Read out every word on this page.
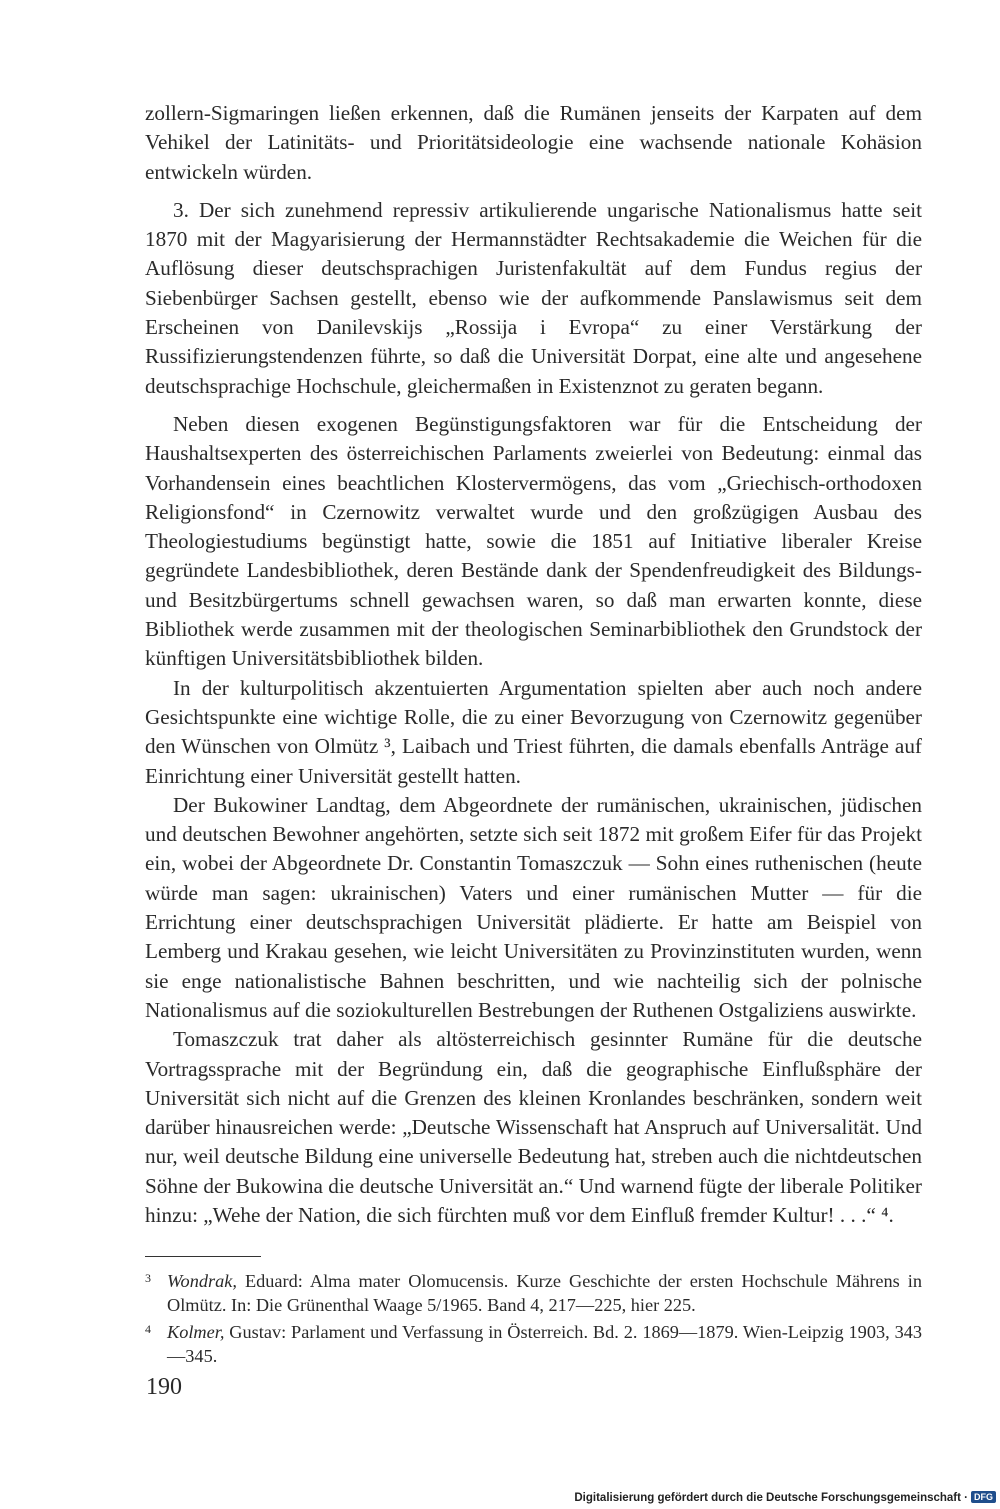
zollern-Sigmaringen ließen erkennen, daß die Rumänen jenseits der Karpaten auf dem Vehikel der Latinitäts- und Prioritätsideologie eine wachsende nationale Kohäsion entwickeln würden.

3. Der sich zunehmend repressiv artikulierende ungarische Nationalismus hatte seit 1870 mit der Magyarisierung der Hermannstädter Rechtsakademie die Weichen für die Auflösung dieser deutschsprachigen Juristenfakultät auf dem Fundus regius der Siebenbürger Sachsen gestellt, ebenso wie der aufkommende Panslawismus seit dem Erscheinen von Danilevskijs „Rossija i Evropa“ zu einer Verstärkung der Russifizierungstendenzen führte, so daß die Universität Dorpat, eine alte und angesehene deutschsprachige Hochschule, gleichermaßen in Existenznot zu geraten begann.

Neben diesen exogenen Begünstigungsfaktoren war für die Entscheidung der Haushaltsexperten des österreichischen Parlaments zweierlei von Bedeutung: einmal das Vorhandensein eines beachtlichen Klostervermögens, das vom „Griechisch-orthodoxen Religionsfond“ in Czernowitz verwaltet wurde und den großzügigen Ausbau des Theologiestudiums begünstigt hatte, sowie die 1851 auf Initiative liberaler Kreise gegründete Landesbibliothek, deren Bestände dank der Spendenfreudigkeit des Bildungs- und Besitzbürgertums schnell gewachsen waren, so daß man erwarten konnte, diese Bibliothek werde zusammen mit der theologischen Seminarbibliothek den Grundstock der künftigen Universitätsbibliothek bilden.

In der kulturpolitisch akzentuierten Argumentation spielten aber auch noch andere Gesichtspunkte eine wichtige Rolle, die zu einer Bevorzugung von Czernowitz gegenüber den Wünschen von Olmütz ³, Laibach und Triest führten, die damals ebenfalls Anträge auf Einrichtung einer Universität gestellt hatten.

Der Bukowiner Landtag, dem Abgeordnete der rumänischen, ukrainischen, jüdischen und deutschen Bewohner angehörten, setzte sich seit 1872 mit großem Eifer für das Projekt ein, wobei der Abgeordnete Dr. Constantin Tomaszczuk — Sohn eines ruthenischen (heute würde man sagen: ukrainischen) Vaters und einer rumänischen Mutter — für die Errichtung einer deutschsprachigen Universität plädierte. Er hatte am Beispiel von Lemberg und Krakau gesehen, wie leicht Universitäten zu Provinzinstituten wurden, wenn sie enge nationalistische Bahnen beschritten, und wie nachteilig sich der polnische Nationalismus auf die soziokulturellen Bestrebungen der Ruthenen Ostgaliziens auswirkte.

Tomaszczuk trat daher als altösterreichisch gesinnter Rumäne für die deutsche Vortragssprache mit der Begründung ein, daß die geographische Einflußsphäre der Universität sich nicht auf die Grenzen des kleinen Kronlandes beschränken, sondern weit darüber hinausreichen werde: „Deutsche Wissenschaft hat Anspruch auf Universalität. Und nur, weil deutsche Bildung eine universelle Bedeutung hat, streben auch die nichtdeutschen Söhne der Bukowina die deutsche Universität an.“ Und warnend fügte der liberale Politiker hinzu: „Wehe der Nation, die sich fürchten muß vor dem Einfluß fremder Kultur! . . .“ ⁴.

3 Wondrak, Eduard: Alma mater Olomucensis. Kurze Geschichte der ersten Hochschule Mährens in Olmütz. In: Die Grünenthal Waage 5/1965. Band 4, 217—225, hier 225.
4 Kolmer, Gustav: Parlament und Verfassung in Österreich. Bd. 2. 1869—1879. Wien-Leipzig 1903, 343—345.
190
Digitalisierung gefördert durch die Deutsche Forschungsgemeinschaft · DFG
